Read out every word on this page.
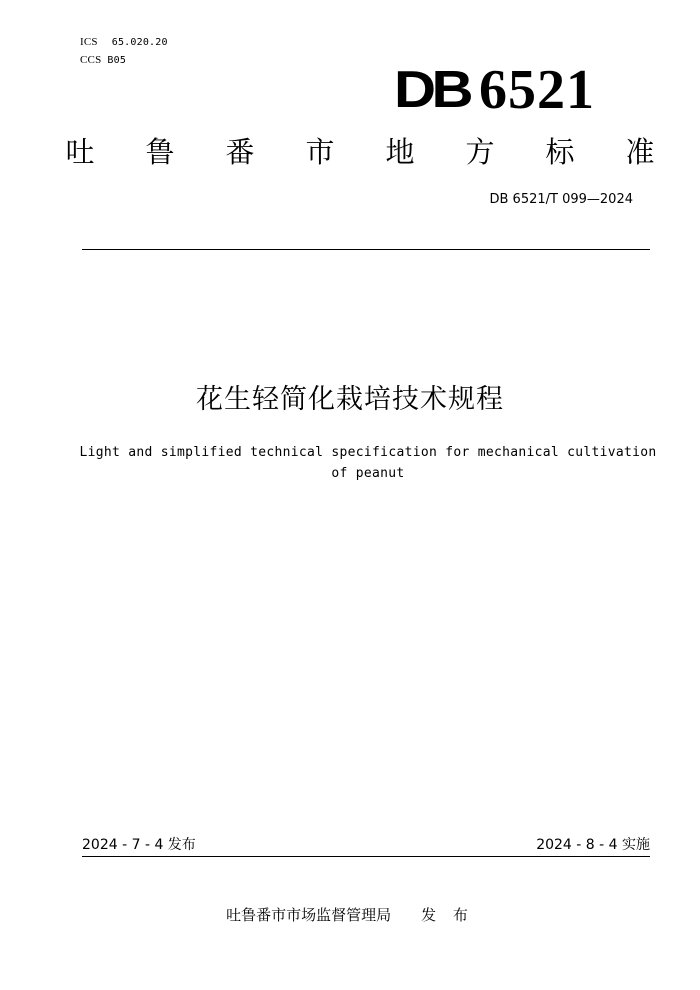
ICS 65.020.20
CCS B05
DB 6521
吐 鲁 番 市 地 方 标 准
DB 6521/T 099—2024
花生轻简化栽培技术规程
Light and simplified technical specification for mechanical cultivation
of peanut
2024 - 7 - 4 发布	2024 - 8 - 4 实施
吐鲁番市市场监督管理局 发 布
